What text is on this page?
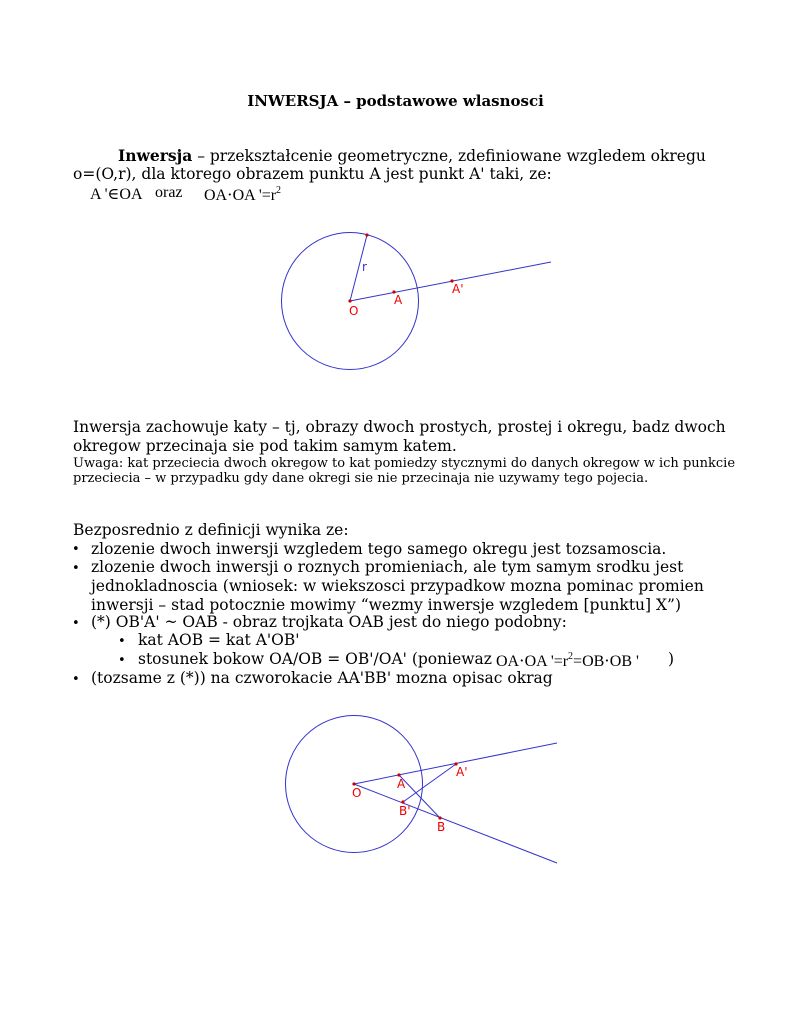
INWERSJA – podstawowe wlasnosci
Inwersja – przekształcenie geometryczne, zdefiniowane wzgledem okregu
o=(O,r), dla ktorego obrazem punktu A jest punkt A' taki, ze:
A '∈OA oraz OA⋅OA '$=r^2$
O
A
A'
r
O
A
A'
B
B'
Inwersja zachowuje katy – tj, obrazy dwoch prostych, prostej i okregu, badz dwoch
okregow przecinaja sie pod takim samym katem.
Uwaga: kat przeciecia dwoch okregow to kat pomiedzy stycznymi do danych okregow w ich punkcie
przeciecia – w przypadku gdy dane okregi sie nie przecinaja nie uzywamy tego pojecia.
Bezposrednio z definicji wynika ze:
• zlozenie dwoch inwersji wzgledem tego samego okregu jest tozsamoscia.
• zlozenie dwoch inwersji o roznych promieniach, ale tym samym srodku jest
jednokladnoscia (wniosek: w wiekszosci przypadkow mozna pominac promien
inwersji – stad potocznie mowimy “wezmy inwersje wzgledem [punktu] X”)
• (*) OB'A' ~ OAB - obraz trojkata OAB jest do niego podobny:
• kat AOB = kat A'OB'
• stosunek bokow OA/OB = OB'/OA' (poniewaz OA⋅OA '$=r^2=OB\cdot OB$ ' )
• (tozsame z (*)) na czworokacie AA'BB' mozna opisac okrag
